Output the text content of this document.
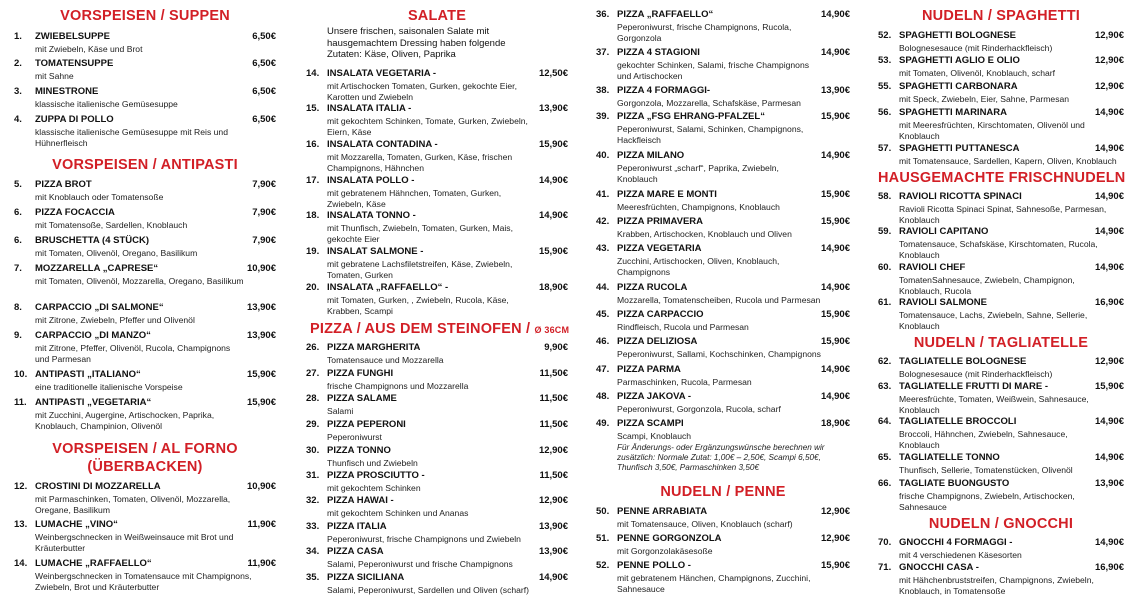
VORSPEISEN / SUPPEN
1. ZWIEBELSUPPE	6,50€
mit Zwiebeln, Käse und Brot
2. TOMATENSUPPE	6,50€
mit Sahne
3. MINESTRONE	6,50€
klassische italienische Gemüsesuppe
4. ZUPPA DI POLLO	6,50€
klassische italienische Gemüsesuppe mit Reis und Hühnerfleisch
VORSPEISEN / ANTIPASTI
5. PIZZA BROT	7,90€
mit Knoblauch oder Tomatensoße
6. PIZZA FOCACCIA	7,90€
mit Tomatensoße, Sardellen, Knoblauch
6. BRUSCHETTA (4 STÜCK)	7,90€
mit Tomaten, Olivenöl, Oregano, Basilikum
7. MOZZARELLA „CAPRESE“	10,90€
mit Tomaten, Olivenöl, Mozzarella, Oregano, Basilikum
8. CARPACCIO „DI SALMONE“	13,90€
mit Zitrone, Zwiebeln, Pfeffer und Olivenöl
9. CARPACCIO „DI MANZO“	13,90€
mit Zitrone, Pfeffer, Olivenöl, Rucola, Champignons und Parmesan
10. ANTIPASTI „ITALIANO“	15,90€
eine traditionelle italienische Vorspeise
11. ANTIPASTI „VEGETARIA“	15,90€
mit Zucchini, Augergine, Artischocken, Paprika, Knoblauch, Champinion, Olivenöl
VORSPEISEN / AL FORNO
(ÜBERBACKEN)
12. CROSTINI DI MOZZARELLA	10,90€
mit Parmaschinken, Tomaten, Olivenöl, Mozzarella, Oregane, Basilikum
13. LUMACHE „VINO“	11,90€
Weinbergschnecken in Weißweinsauce mit Brot und Kräuterbutter
14. LUMACHE „RAFFAELLO“	11,90€
Weinbergschnecken in Tomatensauce mit Champignons, Zwiebeln, Brot und Kräuterbutter
SALATE
Unsere frischen, saisonalen Salate mit hausgemachtem Dressing haben folgende Zutaten: Käse, Oliven, Paprika
14. INSALATA VEGETARIA -	12,50€
mit Artischocken Tomaten, Gurken, gekochte Eier, Karotten und Zwiebeln
15. INSALATA ITALIA -	13,90€
mit gekochtem Schinken, Tomate, Gurken, Zwiebeln, Eiern, Käse
16. INSALATA CONTADINA -	15,90€
mit Mozzarella, Tomaten, Gurken, Käse, frischen Champignons, Hähnchen
17. INSALATA POLLO -	14,90€
mit gebratenem Hähnchen, Tomaten, Gurken, Zwiebeln, Käse
18. INSALATA TONNO -	14,90€
mit Thunfisch, Zwiebeln, Tomaten, Gurken, Mais, gekochte Eier
19. INSALAT SALMONE -	15,90€
mit gebratene Lachsfiletstreifen, Käse, Zwiebeln, Tomaten, Gurken
20. INSALATA „RAFFAELLO“ -	18,90€
mit Tomaten, Gurken, , Zwiebeln, Rucola, Käse, Krabben, Scampi
PIZZA / AUS DEM STEINOFEN / Ø 36CM
26. PIZZA MARGHERITA	9,90€
Tomatensauce und Mozzarella
27. PIZZA FUNGHI	11,50€
frische Champignons und Mozzarella
28. PIZZA SALAME	11,50€
Salami
29. PIZZA PEPERONI	11,50€
Peperoniwurst
30. PIZZA TONNO	12,90€
Thunfisch und Zwiebeln
31. PIZZA PROSCIUTTO -	11,50€
mit gekochtem Schinken
32. PIZZA HAWAI -	12,90€
mit gekochtem Schinken und Ananas
33. PIZZA ITALIA	13,90€
Peperoniwurst, frische Champignons und Zwiebeln
34. PIZZA CASA	13,90€
Salami, Peperoniwurst und frische Champignons
35. PIZZA SICILIANA	14,90€
Salami, Peperoniwurst, Sardellen und Oliven (scharf)
36. PIZZA „RAFFAELLO“	14,90€
Peperoniwurst, frische Champignons, Rucola, Gorgonzola
37. PIZZA 4 STAGIONI	14,90€
gekochter Schinken, Salami, frische Champignons und Artischocken
38. PIZZA 4 FORMAGGI-	13,90€
Gorgonzola, Mozzarella, Schafskäse, Parmesan
39. PIZZA „FSG EHRANG-PFALZEL“	15,90€
Peperoniwurst, Salami, Schinken, Champignons, Hackfleisch
40. PIZZA MILANO	14,90€
Peperoniwurst „scharf“, Paprika, Zwiebeln, Knoblauch
41. PIZZA MARE E MONTI	15,90€
Meeresfrüchten, Champignons, Knoblauch
42. PIZZA PRIMAVERA	15,90€
Krabben, Artischocken, Knoblauch und Oliven
43. PIZZA VEGETARIA	14,90€
Zucchini, Artischocken, Oliven, Knoblauch, Champignons
44. PIZZA RUCOLA	14,90€
Mozzarella, Tomatenscheiben, Rucola und Parmesan
45. PIZZA CARPACCIO	15,90€
Rindfleisch, Rucola und Parmesan
46. PIZZA DELIZIOSA	15,90€
Peperoniwurst, Sallami, Kochschinken, Champignons
47. PIZZA PARMA	14,90€
Parmaschinken, Rucola, Parmesan
48. PIZZA JAKOVA -	14,90€
Peperoniwurst, Gorgonzola, Rucola, scharf
49. PIZZA SCAMPI	18,90€
Scampi, Knoblauch
Für Änderungs- oder Ergänzungswünsche berechnen wir zusätzlich: Normale Zutat: 1,00€ – 2,50€, Scampi 6,50€, Thunfisch 3,50€, Parmaschinken 3,50€
NUDELN / PENNE
50. PENNE ARRABIATA	12,90€
mit Tomatensauce, Oliven, Knoblauch (scharf)
51. PENNE GORGONZOLA	12,90€
mit Gorgonzolakäsesoße
52. PENNE POLLO -	15,90€
mit gebratenem Hänchen, Champignons, Zucchini, Sahnesauce
NUDELN / SPAGHETTI
52. SPAGHETTI BOLOGNESE	12,90€
Bolognesesauce (mit Rinderhackfleisch)
53. SPAGHETTI AGLIO E OLIO	12,90€
mit Tomaten, Olivenöl, Knoblauch, scharf
55. SPAGHETTI CARBONARA	12,90€
mit Speck, Zwiebeln, Eier, Sahne, Parmesan
56. SPAGHETTI MARINARA	14,90€
mit Meeresfrüchten, Kirschtomaten, Olivenöl und Knoblauch
57. SPAGHETTI PUTTANESCA	14,90€
mit Tomatensauce, Sardellen, Kapern, Oliven, Knoblauch
HAUSGEMACHTE FRISCHNUDELN
58. RAVIOLI RICOTTA SPINACI	14,90€
Ravioli Ricotta Spinaci Spinat, Sahnesoße, Parmesan, Knoblauch
59. RAVIOLI CAPITANO	14,90€
Tomatensauce, Schafskäse, Kirschtomaten, Rucola, Knoblauch
60. RAVIOLI CHEF	14,90€
TomatenSahnesauce, Zwiebeln, Champignon, Knoblauch, Rucola
61. RAVIOLI SALMONE	16,90€
Tomatensauce, Lachs, Zwiebeln, Sahne, Sellerie, Knoblauch
NUDELN / TAGLIATELLE
62. TAGLIATELLE BOLOGNESE	12,90€
Bolognesesauce (mit Rinderhackfleisch)
63. TAGLIATELLE FRUTTI DI MARE -	15,90€
Meeresfrüchte, Tomaten, Weißwein, Sahnesauce, Knoblauch
64. TAGLIATELLE BROCCOLI	14,90€
Broccoli, Hähnchen, Zwiebeln, Sahnesauce, Knoblauch
65. TAGLIATELLE TONNO	14,90€
Thunfisch, Sellerie, Tomatenstücken, Olivenöl
66. TAGLIATE BUONGUSTO	13,90€
frische Champignons, Zwiebeln, Artischocken, Sahnesauce
NUDELN / GNOCCHI
70. GNOCCHI 4 FORMAGGI -	14,90€
mit 4 verschiedenen Käsesorten
71. GNOCCHI CASA -	16,90€
mit Hähchenbruststreifen, Champignons, Zwiebeln, Knoblauch, in Tomatensoße
